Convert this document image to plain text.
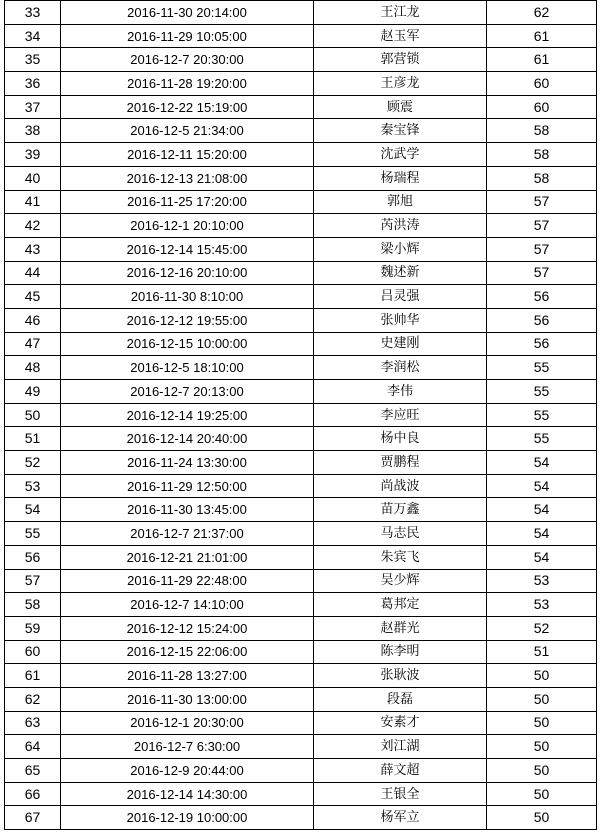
33	2016-11-30 20:14:00	王江龙	62
34	2016-11-29 10:05:00	赵玉军	61
35	2016-12-7 20:30:00	郭营锁	61
36	2016-11-28 19:20:00	王彦龙	60
37	2016-12-22 15:19:00	顾震	60
38	2016-12-5 21:34:00	秦宝锋	58
39	2016-12-11 15:20:00	沈武学	58
40	2016-12-13 21:08:00	杨瑞程	58
41	2016-11-25 17:20:00	郭旭	57
42	2016-12-1 20:10:00	芮洪涛	57
43	2016-12-14 15:45:00	梁小辉	57
44	2016-12-16 20:10:00	魏述新	57
45	2016-11-30 8:10:00	吕灵强	56
46	2016-12-12 19:55:00	张帅华	56
47	2016-12-15 10:00:00	史建刚	56
48	2016-12-5 18:10:00	李润松	55
49	2016-12-7 20:13:00	李伟	55
50	2016-12-14 19:25:00	李应旺	55
51	2016-12-14 20:40:00	杨中良	55
52	2016-11-24 13:30:00	贾鹏程	54
53	2016-11-29 12:50:00	尚战波	54
54	2016-11-30 13:45:00	苗万鑫	54
55	2016-12-7 21:37:00	马志民	54
56	2016-12-21 21:01:00	朱宾飞	54
57	2016-11-29 22:48:00	吴少辉	53
58	2016-12-7 14:10:00	葛邦定	53
59	2016-12-12 15:24:00	赵群光	52
60	2016-12-15 22:06:00	陈李明	51
61	2016-11-28 13:27:00	张耿波	50
62	2016-11-30 13:00:00	段磊	50
63	2016-12-1 20:30:00	安素才	50
64	2016-12-7 6:30:00	刘江湖	50
65	2016-12-9 20:44:00	薛文超	50
66	2016-12-14 14:30:00	王银全	50
67	2016-12-19 10:00:00	杨军立	50
